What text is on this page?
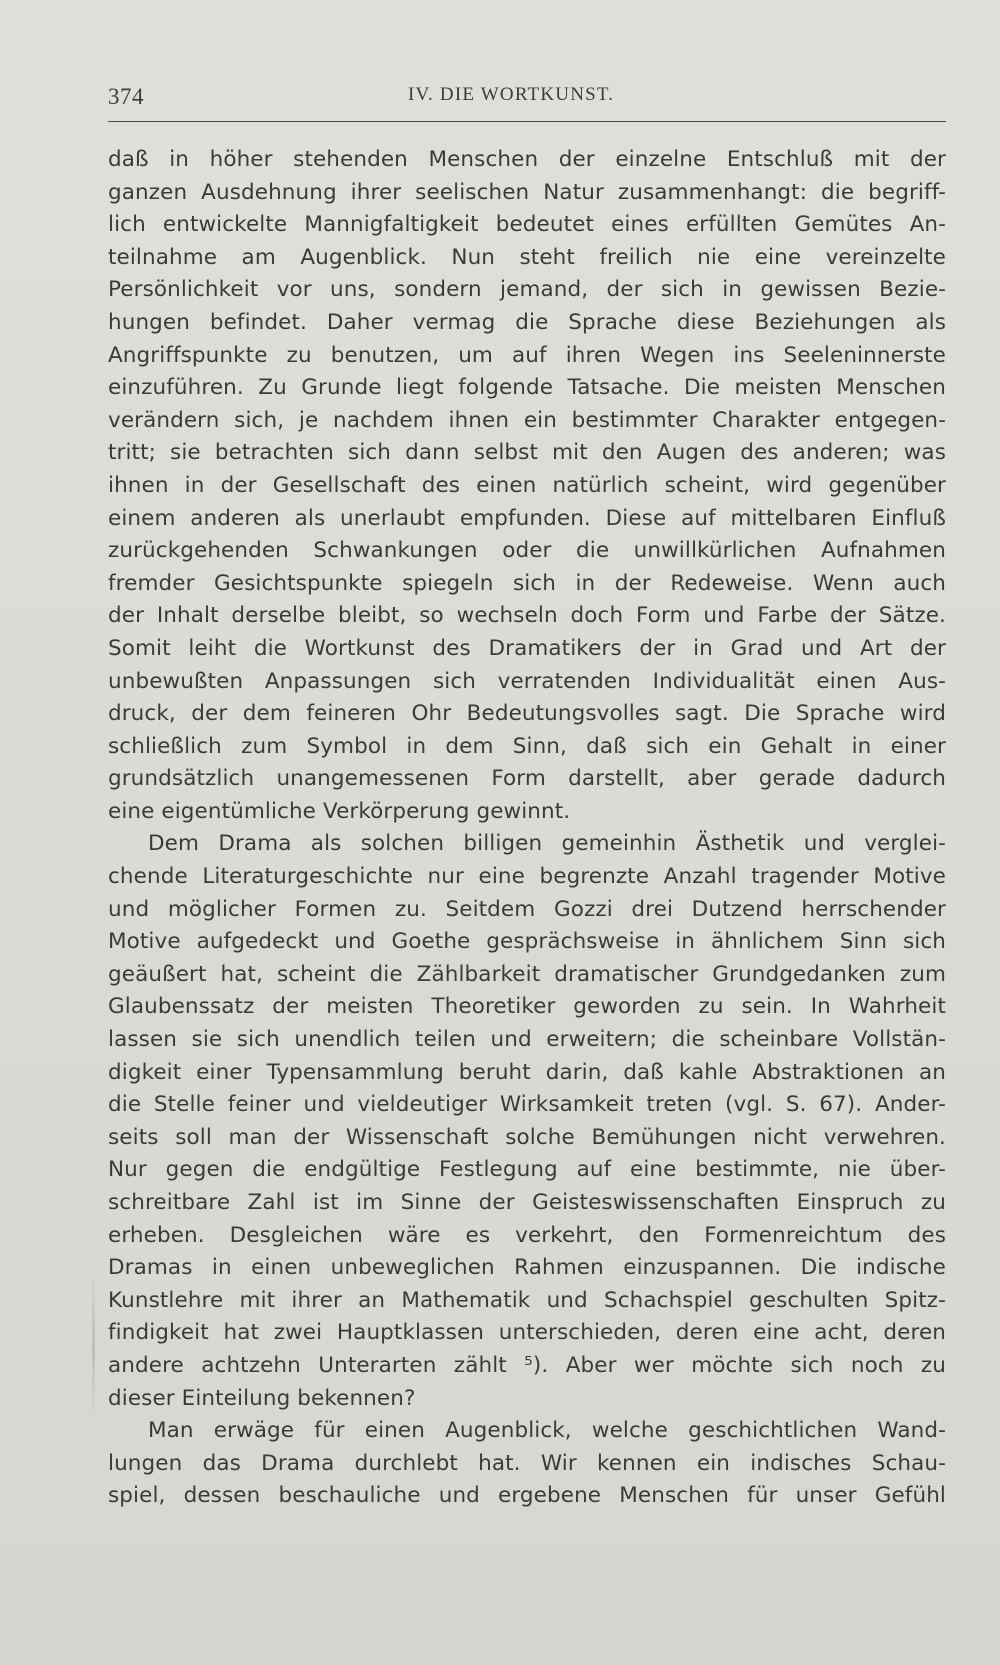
374	IV. DIE WORTKUNST.
daß in höher stehenden Menschen der einzelne Entschluß mit der
ganzen Ausdehnung ihrer seelischen Natur zusammenhangt: die begriff-
lich entwickelte Mannigfaltigkeit bedeutet eines erfüllten Gemütes An-
teilnahme am Augenblick. Nun steht freilich nie eine vereinzelte
Persönlichkeit vor uns, sondern jemand, der sich in gewissen Bezie-
hungen befindet. Daher vermag die Sprache diese Beziehungen als
Angriffspunkte zu benutzen, um auf ihren Wegen ins Seeleninnerste
einzuführen. Zu Grunde liegt folgende Tatsache. Die meisten Menschen
verändern sich, je nachdem ihnen ein bestimmter Charakter entgegen-
tritt; sie betrachten sich dann selbst mit den Augen des anderen; was
ihnen in der Gesellschaft des einen natürlich scheint, wird gegenüber
einem anderen als unerlaubt empfunden. Diese auf mittelbaren Einfluß
zurückgehenden Schwankungen oder die unwillkürlichen Aufnahmen
fremder Gesichtspunkte spiegeln sich in der Redeweise. Wenn auch
der Inhalt derselbe bleibt, so wechseln doch Form und Farbe der Sätze.
Somit leiht die Wortkunst des Dramatikers der in Grad und Art der
unbewußten Anpassungen sich verratenden Individualität einen Aus-
druck, der dem feineren Ohr Bedeutungsvolles sagt. Die Sprache wird
schließlich zum Symbol in dem Sinn, daß sich ein Gehalt in einer
grundsätzlich unangemessenen Form darstellt, aber gerade dadurch
eine eigentümliche Verkörperung gewinnt.
Dem Drama als solchen billigen gemeinhin Ästhetik und verglei-
chende Literaturgeschichte nur eine begrenzte Anzahl tragender Motive
und möglicher Formen zu. Seitdem Gozzi drei Dutzend herrschender
Motive aufgedeckt und Goethe gesprächsweise in ähnlichem Sinn sich
geäußert hat, scheint die Zählbarkeit dramatischer Grundgedanken zum
Glaubenssatz der meisten Theoretiker geworden zu sein. In Wahrheit
lassen sie sich unendlich teilen und erweitern; die scheinbare Vollstän-
digkeit einer Typensammlung beruht darin, daß kahle Abstraktionen an
die Stelle feiner und vieldeutiger Wirksamkeit treten (vgl. S. 67). Ander-
seits soll man der Wissenschaft solche Bemühungen nicht verwehren.
Nur gegen die endgültige Festlegung auf eine bestimmte, nie über-
schreitbare Zahl ist im Sinne der Geisteswissenschaften Einspruch zu
erheben. Desgleichen wäre es verkehrt, den Formenreichtum des
Dramas in einen unbeweglichen Rahmen einzuspannen. Die indische
Kunstlehre mit ihrer an Mathematik und Schachspiel geschulten Spitz-
findigkeit hat zwei Hauptklassen unterschieden, deren eine acht, deren
andere achtzehn Unterarten zählt ⁵). Aber wer möchte sich noch zu
dieser Einteilung bekennen?
Man erwäge für einen Augenblick, welche geschichtlichen Wand-
lungen das Drama durchlebt hat. Wir kennen ein indisches Schau-
spiel, dessen beschauliche und ergebene Menschen für unser Gefühl
